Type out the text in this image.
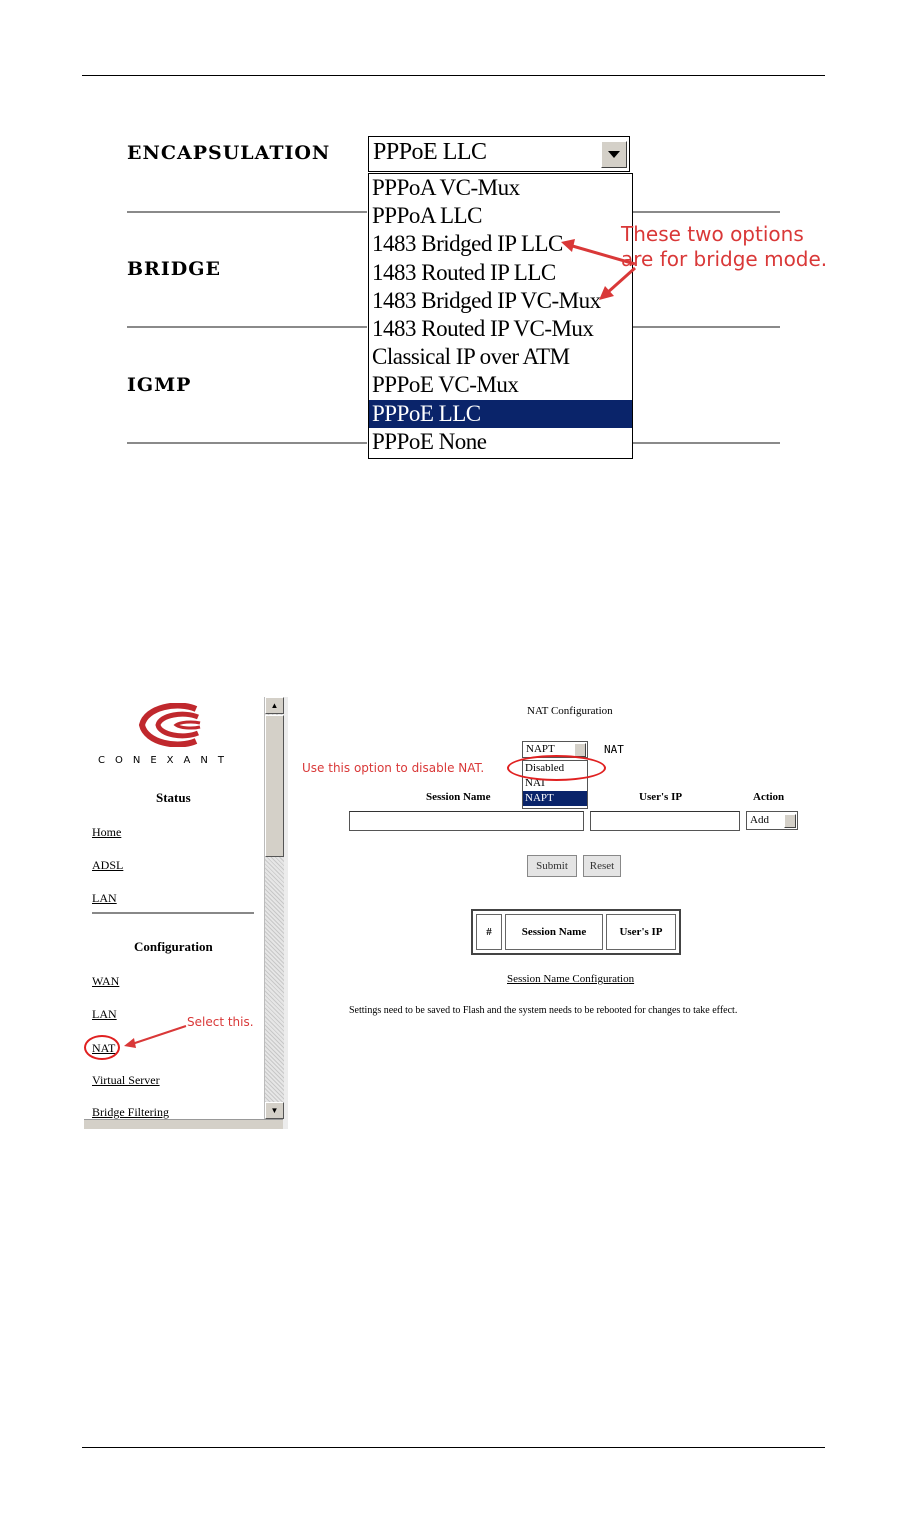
ENCAPSULATION
BRIDGE
IGMP
PPPoE LLC
PPPoA VC-Mux
PPPoA LLC
1483 Bridged IP LLC
1483 Routed IP LLC
1483 Bridged IP VC-Mux
1483 Routed IP VC-Mux
Classical IP over ATM
PPPoE VC-Mux
PPPoE LLC
PPPoE None
These two options
are for bridge mode.
CONEXANT
Status
Home
ADSL
LAN
Configuration
WAN
LAN
NAT
Virtual Server
Bridge Filtering
Select this.
▲
▼
NAT Configuration
NAPT	NAT
Disabled
NAT
NAPT
Use this option to disable NAT.
Session Name	User's IP	Action
Add
Submit	Reset
#	Session Name	User's IP
Session Name Configuration
Settings need to be saved to Flash and the system needs to be rebooted for changes to take effect.
